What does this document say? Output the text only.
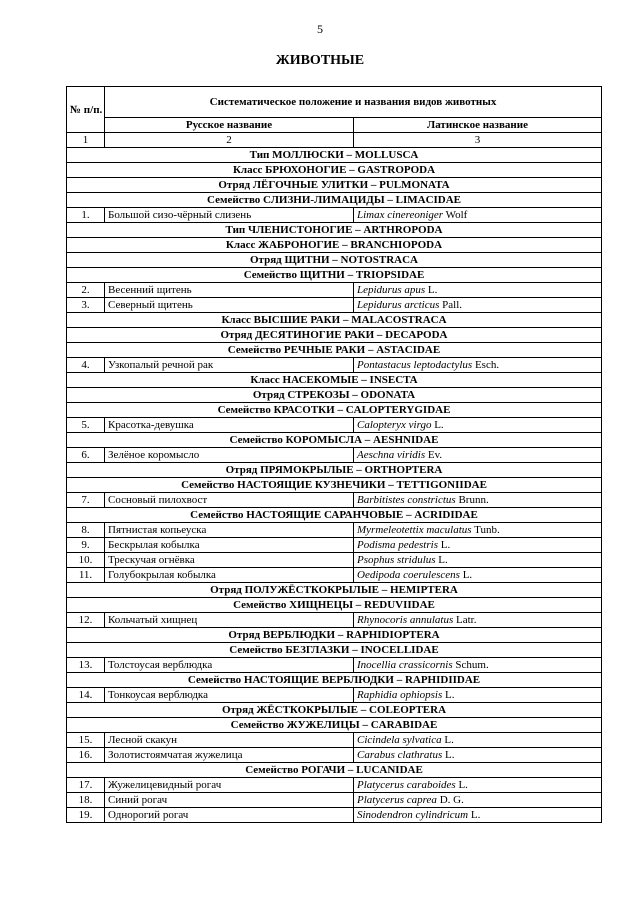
5
ЖИВОТНЫЕ
№ п/п.	Систематическое положение и названия видов животных	
	Русское название	Латинское название
1	2	3
Тип МОЛЛЮСКИ – MOLLUSCA		
Класс БРЮХОНОГИЕ – GASTROPODA		
Отряд ЛЁГОЧНЫЕ УЛИТКИ – PULMONATA		
Семейство СЛИЗНИ-ЛИМАЦИДЫ – LIMACIDAE		
1.	Большой сизо-чёрный слизень	Limax cinereoniger Wolf
Тип ЧЛЕНИСТОНОГИЕ – ARTHROPODA		
Класс ЖАБРОНОГИЕ – BRANCHIOPODA		
Отряд ЩИТНИ – NOTOSTRACA		
Семейство ЩИТНИ – TRIOPSIDAE		
2.	Весенний щитень	Lepidurus apus L.
3.	Северный щитень	Lepidurus arcticus Pall.
Класс ВЫСШИЕ РАКИ – MALACOSTRACA		
Отряд ДЕСЯТИНОГИЕ РАКИ – DECAPODA		
Семейство РЕЧНЫЕ РАКИ – ASTACIDAE		
4.	Узкопалый речной рак	Pontastacus leptodactylus Esch.
Класс НАСЕКОМЫЕ – INSECTA		
Отряд СТРЕКОЗЫ – ODONATA		
Семейство КРАСОТКИ – CALOPTERYGIDAE		
5.	Красотка-девушка	Calopteryx virgo L.
Семейство КОРОМЫСЛА – AESHNIDAE		
6.	Зелёное коромысло	Aeschna viridis Ev.
Отряд ПРЯМОКРЫЛЫЕ – ORTHOPTERA		
Семейство НАСТОЯЩИЕ КУЗНЕЧИКИ – TETTIGONIIDAE		
7.	Сосновый пилохвост	Barbitistes constrictus Brunn.
Семейство НАСТОЯЩИЕ САРАНЧОВЫЕ – ACRIDIDAE		
8.	Пятнистая копьеуска	Myrmeleotettix maculatus Tunb.
9.	Бескрылая кобылка	Podisma pedestris L.
10.	Трескучая огнёвка	Psophus stridulus L.
11.	Голубокрылая кобылка	Oedipoda coerulescens L.
Отряд ПОЛУЖЁСТКОКРЫЛЫЕ – HEMIPTERA		
Семейство ХИЩНЕЦЫ – REDUVIIDAE		
12.	Кольчатый хищнец	Rhynocoris annulatus Latr.
Отряд ВЕРБЛЮДКИ – RAPHIDIOPTERA		
Семейство БЕЗГЛАЗКИ – INOCELLIDAE		
13.	Толстоусая верблюдка	Inocellia crassicornis Schum.
Семейство НАСТОЯЩИЕ ВЕРБЛЮДКИ – RAPHIDIIDAE		
14.	Тонкоусая верблюдка	Raphidia ophiopsis L.
Отряд ЖЁСТКОКРЫЛЫЕ – COLEOPTERA		
Семейство ЖУЖЕЛИЦЫ – CARABIDAE		
15.	Лесной скакун	Cicindela sylvatica L.
16.	Золотистоямчатая жужелица	Carabus clathratus L.
Семейство РОГАЧИ – LUCANIDAE		
17.	Жужелицевидный рогач	Platycerus caraboides L.
18.	Синий рогач	Platycerus caprea D. G.
19.	Однорогий рогач	Sinodendron cylindricum L.
